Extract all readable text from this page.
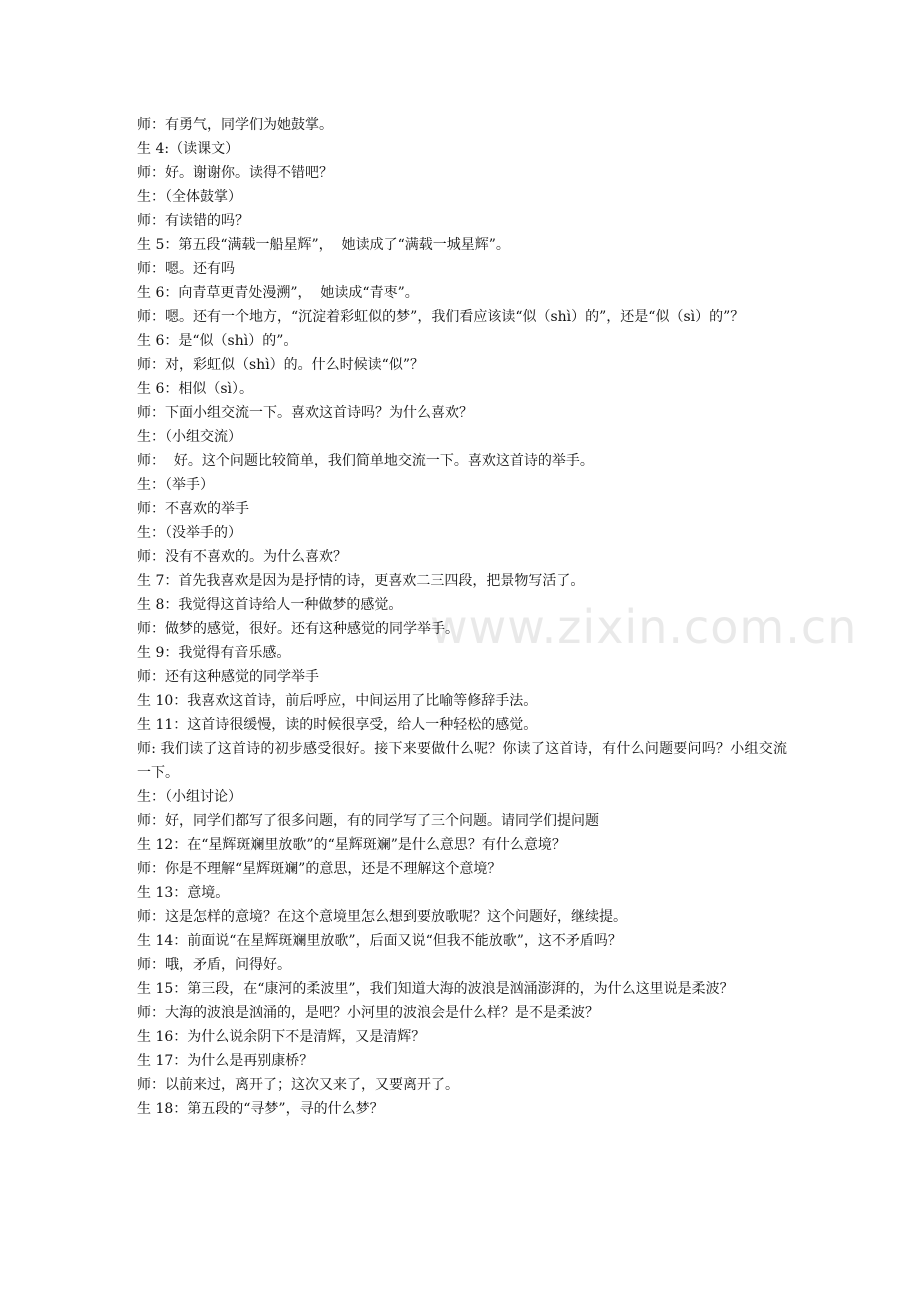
www.zixin.com.cn
师：有勇气，同学们为她鼓掌。
生 4:（读课文）
师：好。谢谢你。读得不错吧？
生：（全体鼓掌）
师：有读错的吗？
生 5：第五段“满载一船星辉”，  她读成了“满载一城星辉”。
师：嗯。还有吗
生 6：向青草更青处漫溯”，  她读成“青枣”。
师：嗯。还有一个地方，“沉淀着彩虹似的梦”，我们看应该读“似（shì）的”，还是“似（sì）的”？
生 6：是“似（shì）的”。
师：对，彩虹似（shì）的。什么时候读“似”？
生 6：相似（sì）。
师：下面小组交流一下。喜欢这首诗吗？为什么喜欢？
生：（小组交流）
师：  好。这个问题比较简单，我们简单地交流一下。喜欢这首诗的举手。
生：（举手）
师：不喜欢的举手
生：（没举手的）
师：没有不喜欢的。为什么喜欢？
生 7：首先我喜欢是因为是抒情的诗，更喜欢二三四段，把景物写活了。
生 8：我觉得这首诗给人一种做梦的感觉。
师：做梦的感觉，很好。还有这种感觉的同学举手。
生 9：我觉得有音乐感。
师：还有这种感觉的同学举手
生 10：我喜欢这首诗，前后呼应，中间运用了比喻等修辞手法。
生 11：这首诗很缓慢，读的时候很享受，给人一种轻松的感觉。
师: 我们读了这首诗的初步感受很好。接下来要做什么呢？你读了这首诗，有什么问题要问吗？小组交流一下。
生：（小组讨论）
师：好，同学们都写了很多问题，有的同学写了三个问题。请同学们提问题
生 12：在“星辉斑斓里放歌”的“星辉斑斓”是什么意思？有什么意境？
师：你是不理解“星辉斑斓”的意思，还是不理解这个意境？
生 13：意境。
师：这是怎样的意境？在这个意境里怎么想到要放歌呢？这个问题好，继续提。
生 14：前面说“在星辉斑斓里放歌”，后面又说“但我不能放歌”，这不矛盾吗？
师：哦，矛盾，问得好。
生 15：第三段，在“康河的柔波里”，我们知道大海的波浪是汹涌澎湃的，为什么这里说是柔波？
师：大海的波浪是汹涌的，是吧？小河里的波浪会是什么样？是不是柔波？
生 16：为什么说余阴下不是清辉，又是清辉？
生 17：为什么是再别康桥？
师：以前来过，离开了；这次又来了，又要离开了。
生 18：第五段的“寻梦”，寻的什么梦？
